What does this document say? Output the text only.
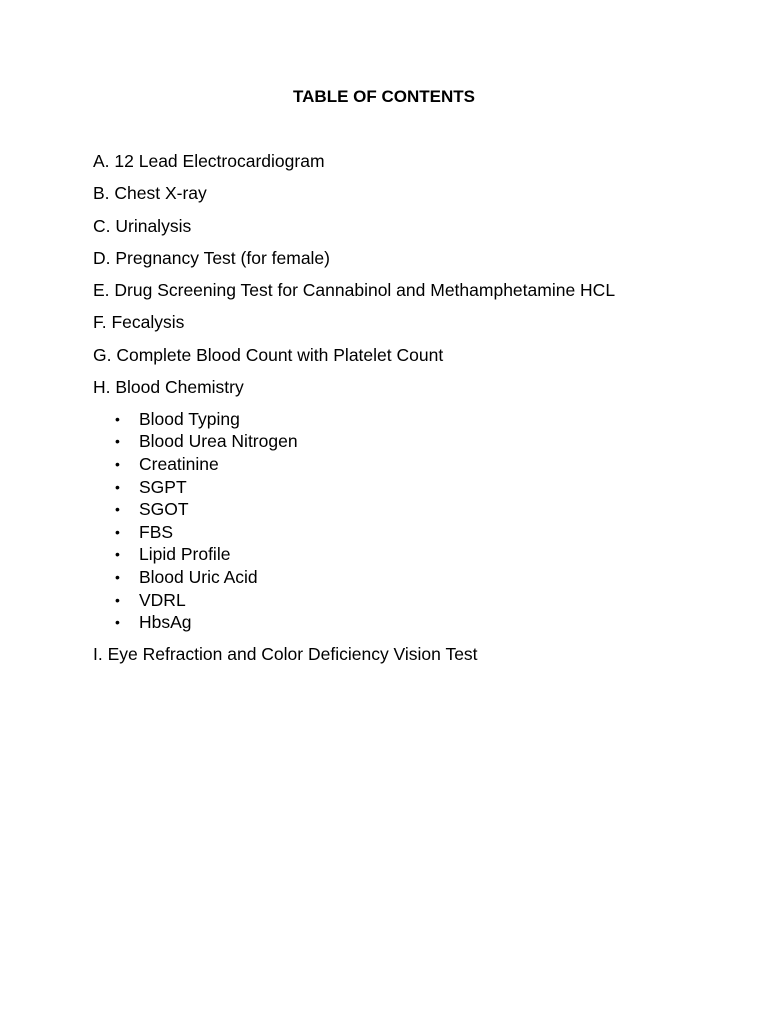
TABLE OF CONTENTS
A. 12 Lead Electrocardiogram
B. Chest X-ray
C. Urinalysis
D. Pregnancy Test (for female)
E. Drug Screening Test for Cannabinol and Methamphetamine HCL
F. Fecalysis
G. Complete Blood Count with Platelet Count
H. Blood Chemistry
• Blood Typing
• Blood Urea Nitrogen
• Creatinine
• SGPT
• SGOT
• FBS
• Lipid Profile
• Blood Uric Acid
• VDRL
• HbsAg
I. Eye Refraction and Color Deficiency Vision Test
